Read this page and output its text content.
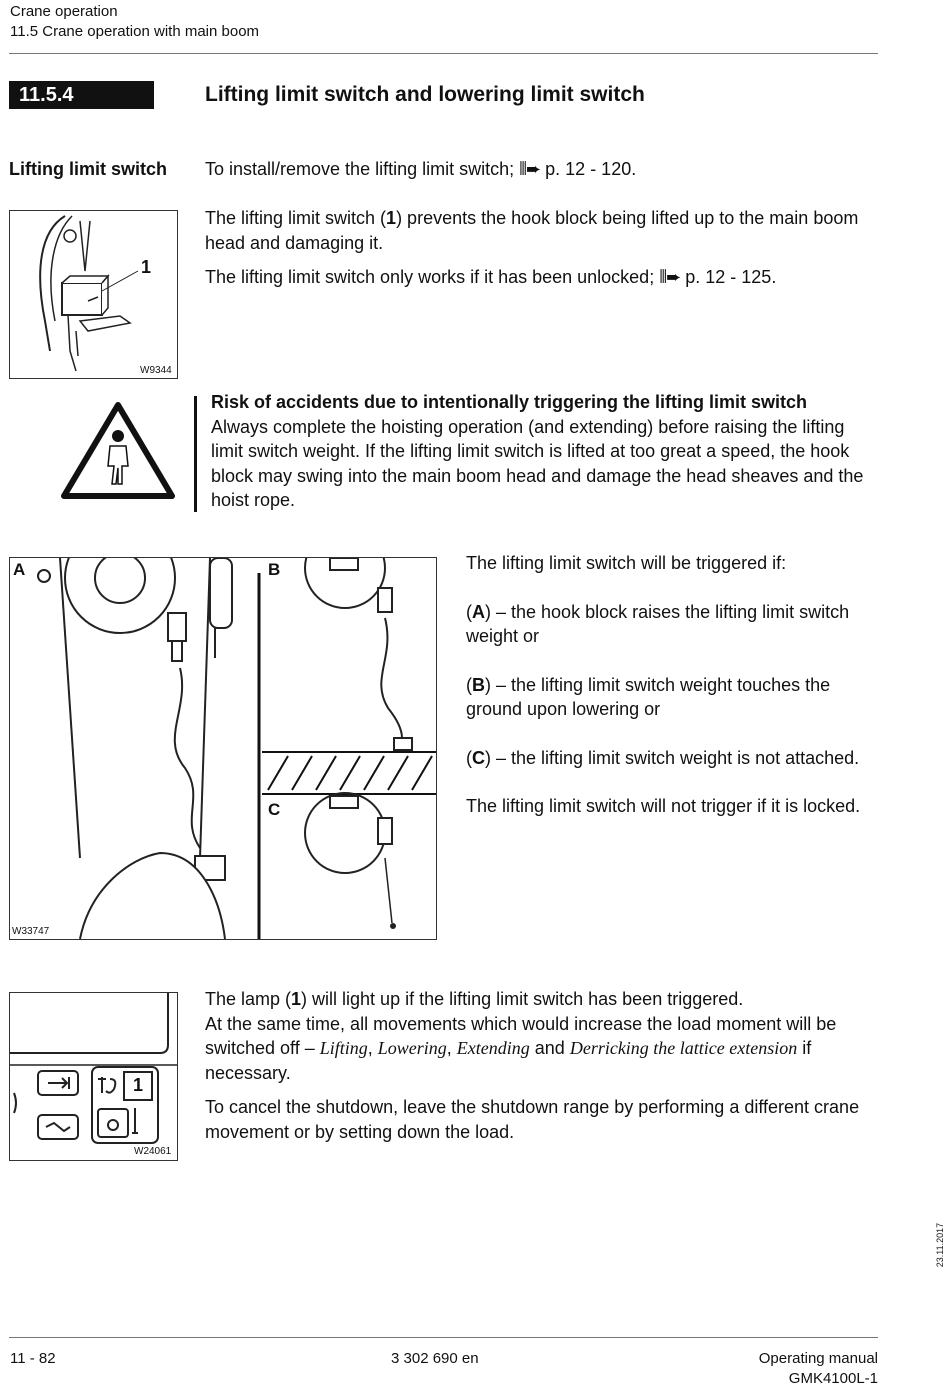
Crane operation
11.5 Crane operation with main boom
11.5.4	Lifting limit switch and lowering limit switch
Lifting limit switch To install/remove the lifting limit switch; ⦀➨ p. 12 - 120.
1
W9344

The lifting limit switch (1) prevents the hook block being lifted up to the main boom head and damaging it.

The lifting limit switch only works if it has been unlocked; ⦀➨ p. 12 - 125.

Risk of accidents due to intentionally triggering the lifting limit switch

Always complete the hoisting operation (and extending) before raising the lifting limit switch weight. If the lifting limit switch is lifted at too great a speed, the hook block may swing into the main boom head and damage the head sheaves and the hoist rope.

A	B
C
W33747

The lifting limit switch will be triggered if:

(A) – the hook block raises the lifting limit switch weight or

(B) – the lifting limit switch weight touches the ground upon lowering or

(C) – the lifting limit switch weight is not attached.

The lifting limit switch will not trigger if it is locked.

1
W24061

The lamp (1) will light up if the lifting limit switch has been triggered.

At the same time, all movements which would increase the load moment will be switched off – Lifting, Lowering, Extending and Derricking the lattice extension if necessary.

To cancel the shutdown, leave the shutdown range by performing a different crane movement or by setting down the load.

23.11.2017
11 - 82	3 302 690 en	Operating manual
GMK4100L-1
